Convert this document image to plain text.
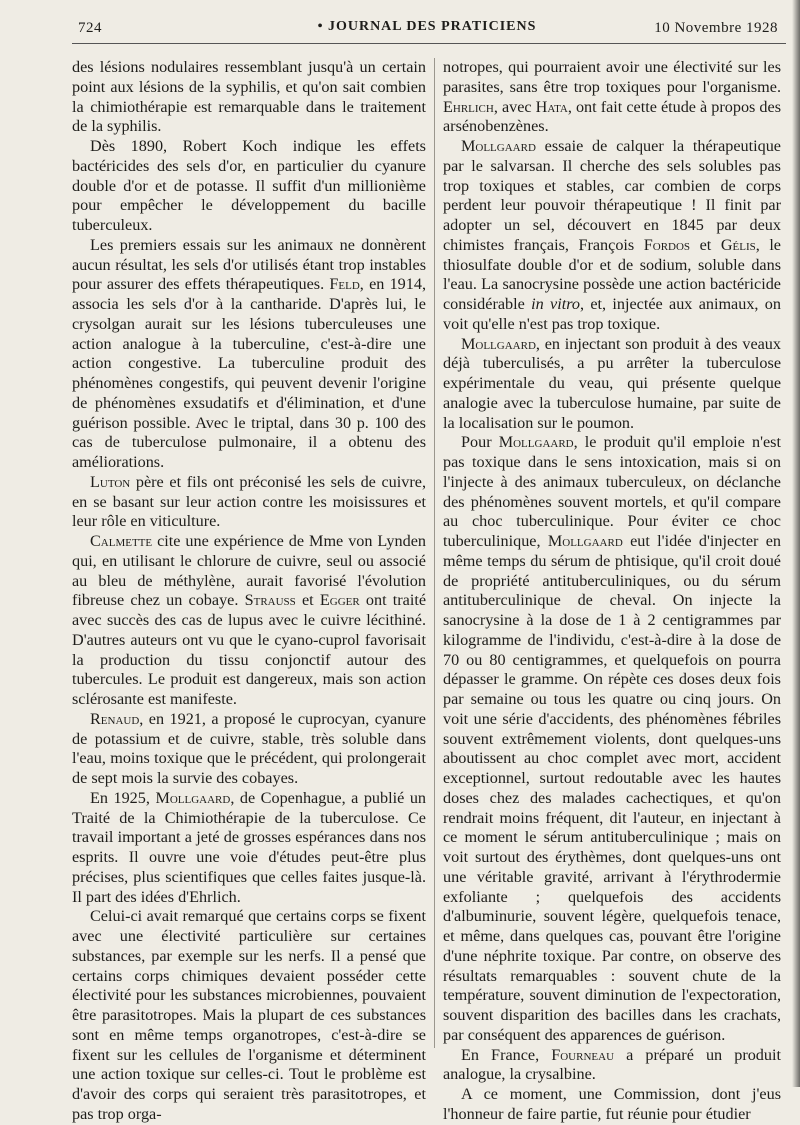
724	• JOURNAL DES PRATICIENS	10 Novembre 1928

des lésions nodulaires ressemblant jusqu'à un certain point aux lésions de la syphilis, et qu'on sait combien la chimiothérapie est remarquable dans le traitement de la syphilis.

Dès 1890, Robert Koch indique les effets bactéricides des sels d'or, en particulier du cyanure double d'or et de potasse. Il suffit d'un millionième pour empêcher le développement du bacille tuberculeux.

Les premiers essais sur les animaux ne donnèrent aucun résultat, les sels d'or utilisés étant trop instables pour assurer des effets thérapeutiques. Feld, en 1914, associa les sels d'or à la cantharide. D'après lui, le crysolgan aurait sur les lésions tuberculeuses une action analogue à la tuberculine, c'est-à-dire une action congestive. La tuberculine produit des phénomènes congestifs, qui peuvent devenir l'origine de phénomènes exsudatifs et d'élimination, et d'une guérison possible. Avec le triptal, dans 30 p. 100 des cas de tuberculose pulmonaire, il a obtenu des améliorations.

Luton père et fils ont préconisé les sels de cuivre, en se basant sur leur action contre les moisissures et leur rôle en viticulture.

Calmette cite une expérience de Mme von Lynden qui, en utilisant le chlorure de cuivre, seul ou associé au bleu de méthylène, aurait favorisé l'évolution fibreuse chez un cobaye. Strauss et Egger ont traité avec succès des cas de lupus avec le cuivre lécithiné. D'autres auteurs ont vu que le cyano-cuprol favorisait la production du tissu conjonctif autour des tubercules. Le produit est dangereux, mais son action sclérosante est manifeste.

Renaud, en 1921, a proposé le cuprocyan, cyanure de potassium et de cuivre, stable, très soluble dans l'eau, moins toxique que le précédent, qui prolongerait de sept mois la survie des cobayes.

En 1925, Mollgaard, de Copenhague, a publié un Traité de la Chimiothérapie de la tuberculose. Ce travail important a jeté de grosses espérances dans nos esprits. Il ouvre une voie d'études peut-être plus précises, plus scientifiques que celles faites jusque-là. Il part des idées d'Ehrlich.

Celui-ci avait remarqué que certains corps se fixent avec une électivité particulière sur certaines substances, par exemple sur les nerfs. Il a pensé que certains corps chimiques devaient posséder cette électivité pour les substances microbiennes, pouvaient être parasitotropes. Mais la plupart de ces substances sont en même temps organotropes, c'est-à-dire se fixent sur les cellules de l'organisme et déterminent une action toxique sur celles-ci. Tout le problème est d'avoir des corps qui seraient très parasitotropes, et pas trop orga-

notropes, qui pourraient avoir une électivité sur les parasites, sans être trop toxiques pour l'organisme. Ehrlich, avec Hata, ont fait cette étude à propos des arsénobenzènes.

Mollgaard essaie de calquer la thérapeutique par le salvarsan. Il cherche des sels solubles pas trop toxiques et stables, car combien de corps perdent leur pouvoir thérapeutique ! Il finit par adopter un sel, découvert en 1845 par deux chimistes français, François Fordos et Gélis, le thiosulfate double d'or et de sodium, soluble dans l'eau. La sanocrysine possède une action bactéricide considérable in vitro, et, injectée aux animaux, on voit qu'elle n'est pas trop toxique.

Mollgaard, en injectant son produit à des veaux déjà tuberculisés, a pu arrêter la tuberculose expérimentale du veau, qui présente quelque analogie avec la tuberculose humaine, par suite de la localisation sur le poumon.

Pour Mollgaard, le produit qu'il emploie n'est pas toxique dans le sens intoxication, mais si on l'injecte à des animaux tuberculeux, on déclanche des phénomènes souvent mortels, et qu'il compare au choc tuberculinique. Pour éviter ce choc tuberculinique, Mollgaard eut l'idée d'injecter en même temps du sérum de phtisique, qu'il croit doué de propriété antituberculiniques, ou du sérum antituberculinique de cheval. On injecte la sanocrysine à la dose de 1 à 2 centigrammes par kilogramme de l'individu, c'est-à-dire à la dose de 70 ou 80 centigrammes, et quelquefois on pourra dépasser le gramme. On répète ces doses deux fois par semaine ou tous les quatre ou cinq jours. On voit une série d'accidents, des phénomènes fébriles souvent extrêmement violents, dont quelques-uns aboutissent au choc complet avec mort, accident exceptionnel, surtout redoutable avec les hautes doses chez des malades cachectiques, et qu'on rendrait moins fréquent, dit l'auteur, en injectant à ce moment le sérum antituberculinique ; mais on voit surtout des érythèmes, dont quelques-uns ont une véritable gravité, arrivant à l'érythrodermie exfoliante ; quelquefois des accidents d'albuminurie, souvent légère, quelquefois tenace, et même, dans quelques cas, pouvant être l'origine d'une néphrite toxique. Par contre, on observe des résultats remarquables : souvent chute de la température, souvent diminution de l'expectoration, souvent disparition des bacilles dans les crachats, par conséquent des apparences de guérison.

En France, Fourneau a préparé un produit analogue, la crysalbine.

A ce moment, une Commission, dont j'eus l'honneur de faire partie, fut réunie pour étudier
